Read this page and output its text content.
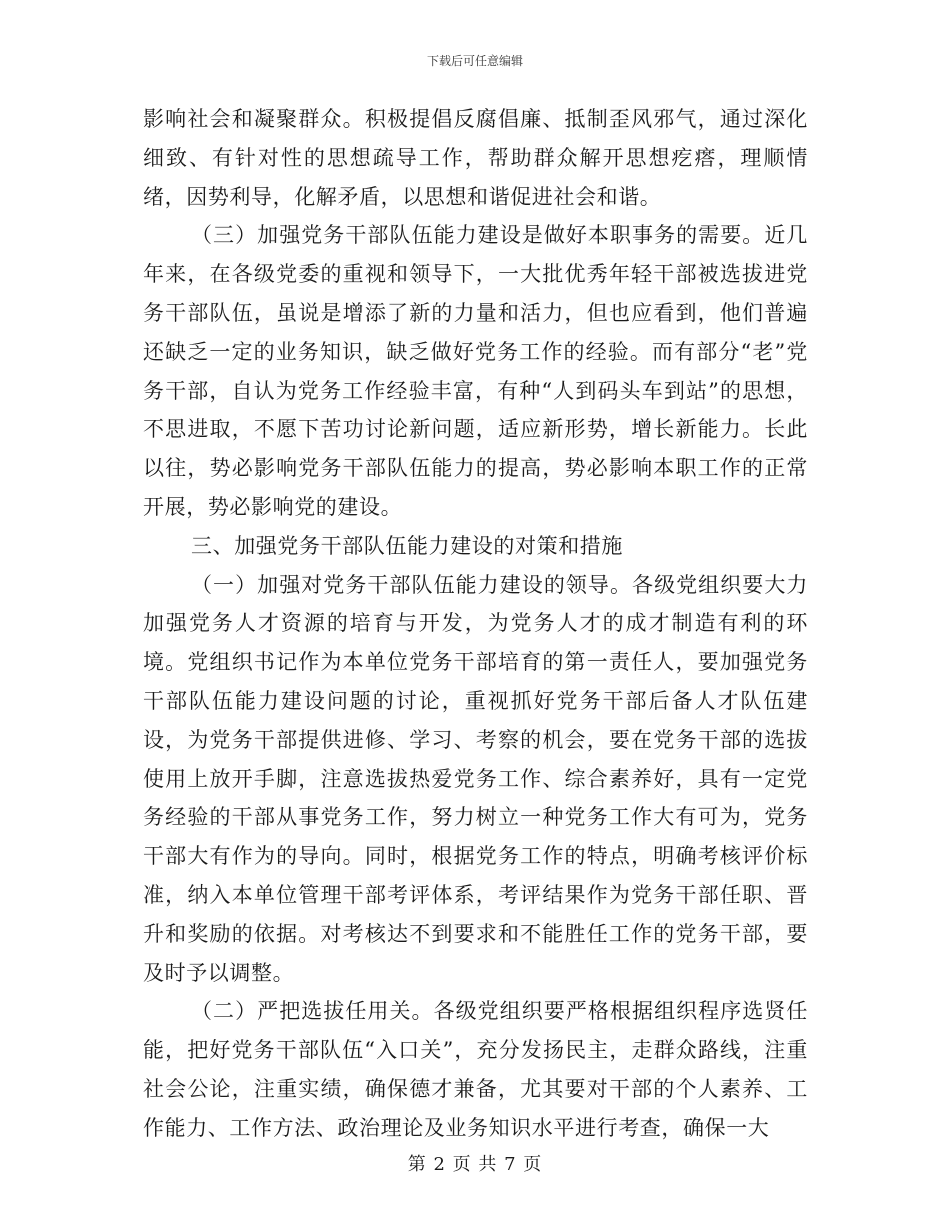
下载后可任意编辑

影响社会和凝聚群众。积极提倡反腐倡廉、抵制歪风邪气，通过深化细致、有针对性的思想疏导工作，帮助群众解开思想疙瘩，理顺情绪，因势利导，化解矛盾，以思想和谐促进社会和谐。

（三）加强党务干部队伍能力建设是做好本职事务的需要。近几年来，在各级党委的重视和领导下，一大批优秀年轻干部被选拔进党务干部队伍，虽说是增添了新的力量和活力，但也应看到，他们普遍还缺乏一定的业务知识，缺乏做好党务工作的经验。而有部分“老”党务干部，自认为党务工作经验丰富，有种“人到码头车到站”的思想，不思进取，不愿下苦功讨论新问题，适应新形势，增长新能力。长此以往，势必影响党务干部队伍能力的提高，势必影响本职工作的正常开展，势必影响党的建设。

三、加强党务干部队伍能力建设的对策和措施

（一）加强对党务干部队伍能力建设的领导。各级党组织要大力加强党务人才资源的培育与开发，为党务人才的成才制造有利的环境。党组织书记作为本单位党务干部培育的第一责任人，要加强党务干部队伍能力建设问题的讨论，重视抓好党务干部后备人才队伍建设，为党务干部提供进修、学习、考察的机会，要在党务干部的选拔使用上放开手脚，注意选拔热爱党务工作、综合素养好，具有一定党务经验的干部从事党务工作，努力树立一种党务工作大有可为，党务干部大有作为的导向。同时，根据党务工作的特点，明确考核评价标准，纳入本单位管理干部考评体系，考评结果作为党务干部任职、晋升和奖励的依据。对考核达不到要求和不能胜任工作的党务干部，要及时予以调整。

（二）严把选拔任用关。各级党组织要严格根据组织程序选贤任能，把好党务干部队伍“入口关”，充分发扬民主，走群众路线，注重社会公论，注重实绩，确保德才兼备，尤其要对干部的个人素养、工作能力、工作方法、政治理论及业务知识水平进行考查，确保一大

第 2 页 共 7 页
